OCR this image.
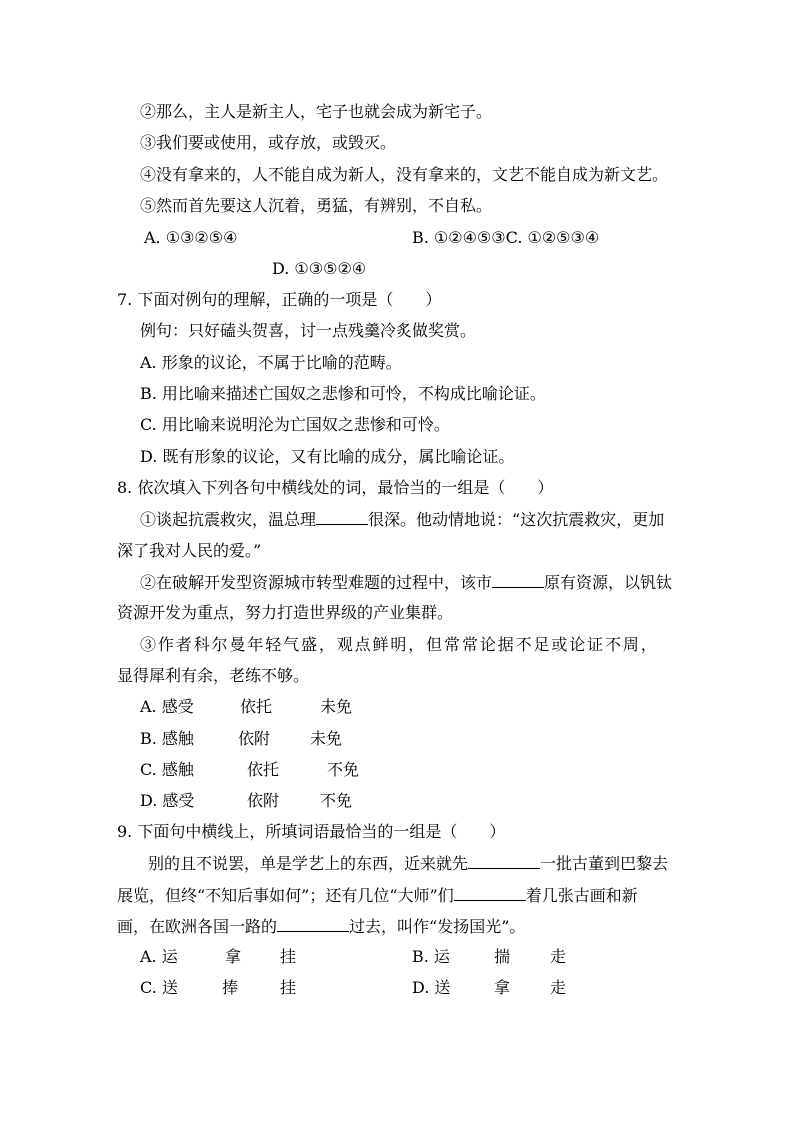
②那么，主人是新主人，宅子也就会成为新宅子。
③我们要或使用，或存放，或毁灭。
④没有拿来的，人不能自成为新人，没有拿来的，文艺不能自成为新文艺。
⑤然而首先要这人沉着，勇猛，有辨别，不自私。
A. ①③②⑤④	B. ①②④⑤③C. ①②⑤③④
D. ①③⑤②④
7. 下面对例句的理解，正确的一项是（　　）
例句：只好磕头贺喜，讨一点残羹冷炙做奖赏。
A. 形象的议论，不属于比喻的范畴。
B. 用比喻来描述亡国奴之悲惨和可怜，不构成比喻论证。
C. 用比喻来说明沦为亡国奴之悲惨和可怜。
D. 既有形象的议论，又有比喻的成分，属比喻论证。
8. 依次填入下列各句中横线处的词，最恰当的一组是（　　）
①谈起抗震救灾，温总理	很深。他动情地说：“这次抗震救灾，更加
深了我对人民的爱。”
②在破解开发型资源城市转型难题的过程中，该市	原有资源，以钒钛
资源开发为重点，努力打造世界级的产业集群。
③ 作 者 科 尔 曼 年 轻 气 盛 ， 观 点 鲜 明 ， 但 常 常 论 据 不 足 或 论 证 不 周 ，
显得犀利有余，老练不够。
A. 感受	依托	未免
B. 感触	依附 未免
C. 感触	依托	不免
D. 感受	依附	不免
9. 下面句中横线上，所填词语最恰当的一组是（　　）
别的且不说罢，单是学艺上的东西，近来就先	一批古董到巴黎去
展览，但终“不知后事如何”；还有几位“大师”们	着几张古画和新
画，在欧洲各国一路的	过去，叫作“发扬国光”。
A. 运	拿 挂	B. 运	揣 走
C. 送	捧	挂	D. 送	拿 走
